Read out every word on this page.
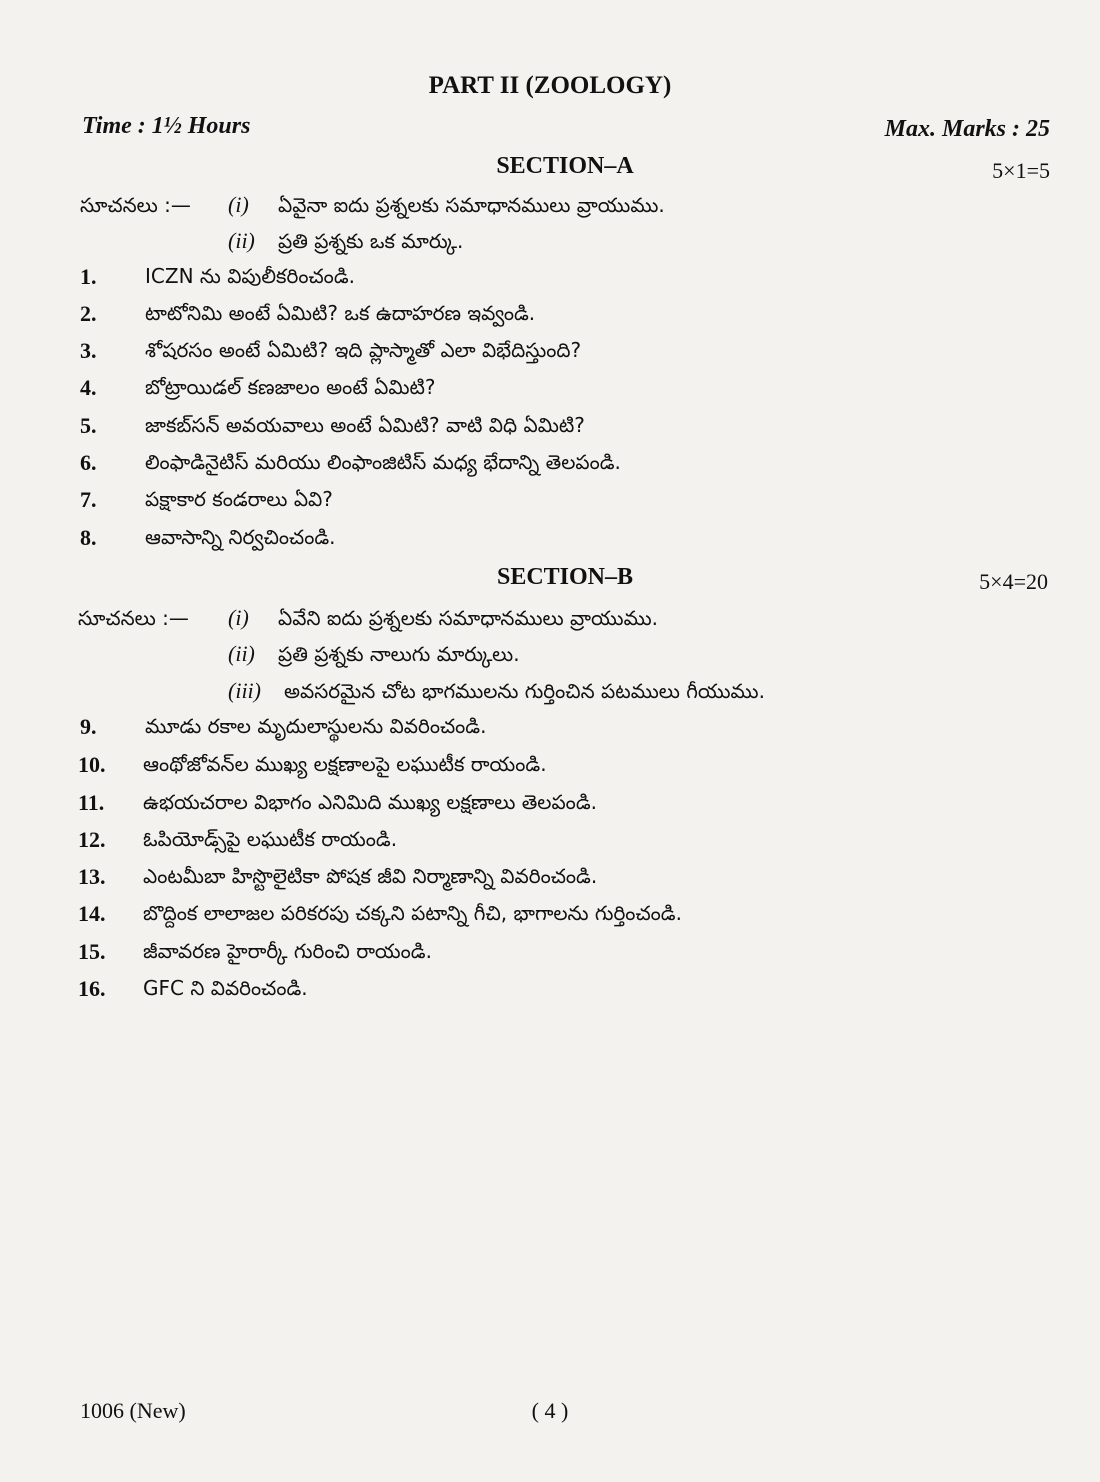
PART II (ZOOLOGY)
Time : 1½ Hours	Max. Marks : 25
SECTION–A	5×1=5
సూచనలు :— (i) ఏవైనా ఐదు ప్రశ్నలకు సమాధానములు వ్రాయుము.
(ii) ప్రతి ప్రశ్నకు ఒక మార్కు.
1. ICZN ను విపులీకరించండి.
2. టాటోనిమి అంటే ఏమిటి? ఒక ఉదాహరణ ఇవ్వండి.
3. శోషరసం అంటే ఏమిటి? ఇది ప్లాస్మాతో ఎలా విభేదిస్తుంది?
4. బోట్రాయిడల్ కణజాలం అంటే ఏమిటి?
5. జాకబ్‌సన్ అవయవాలు అంటే ఏమిటి? వాటి విధి ఏమిటి?
6. లింఫాడినైటిస్ మరియు లింఫాంజిటిస్ మధ్య భేదాన్ని తెలపండి.
7. పక్షాకార కండరాలు ఏవి?
8. ఆవాసాన్ని నిర్వచించండి.
SECTION–B	5×4=20
సూచనలు :— (i) ఏవేని ఐదు ప్రశ్నలకు సమాధానములు వ్రాయుము.
(ii) ప్రతి ప్రశ్నకు నాలుగు మార్కులు.
(iii) అవసరమైన చోట భాగములను గుర్తించిన పటములు గీయుము.
9. మూడు రకాల మృదులాస్థులను వివరించండి.
10. ఆంథోజోవన్‌ల ముఖ్య లక్షణాలపై లఘుటీక రాయండి.
11. ఉభయచరాల విభాగం ఎనిమిది ముఖ్య లక్షణాలు తెలపండి.
12. ఓపియోడ్స్‌పై లఘుటీక రాయండి.
13. ఎంటమీబా హిస్టొలైటికా పోషక జీవి నిర్మాణాన్ని వివరించండి.
14. బొద్దింక లాలాజల పరికరపు చక్కని పటాన్ని గీచి, భాగాలను గుర్తించండి.
15. జీవావరణ హైరార్కీ గురించి రాయండి.
16. GFC ని వివరించండి.
1006 (New)	( 4 )
